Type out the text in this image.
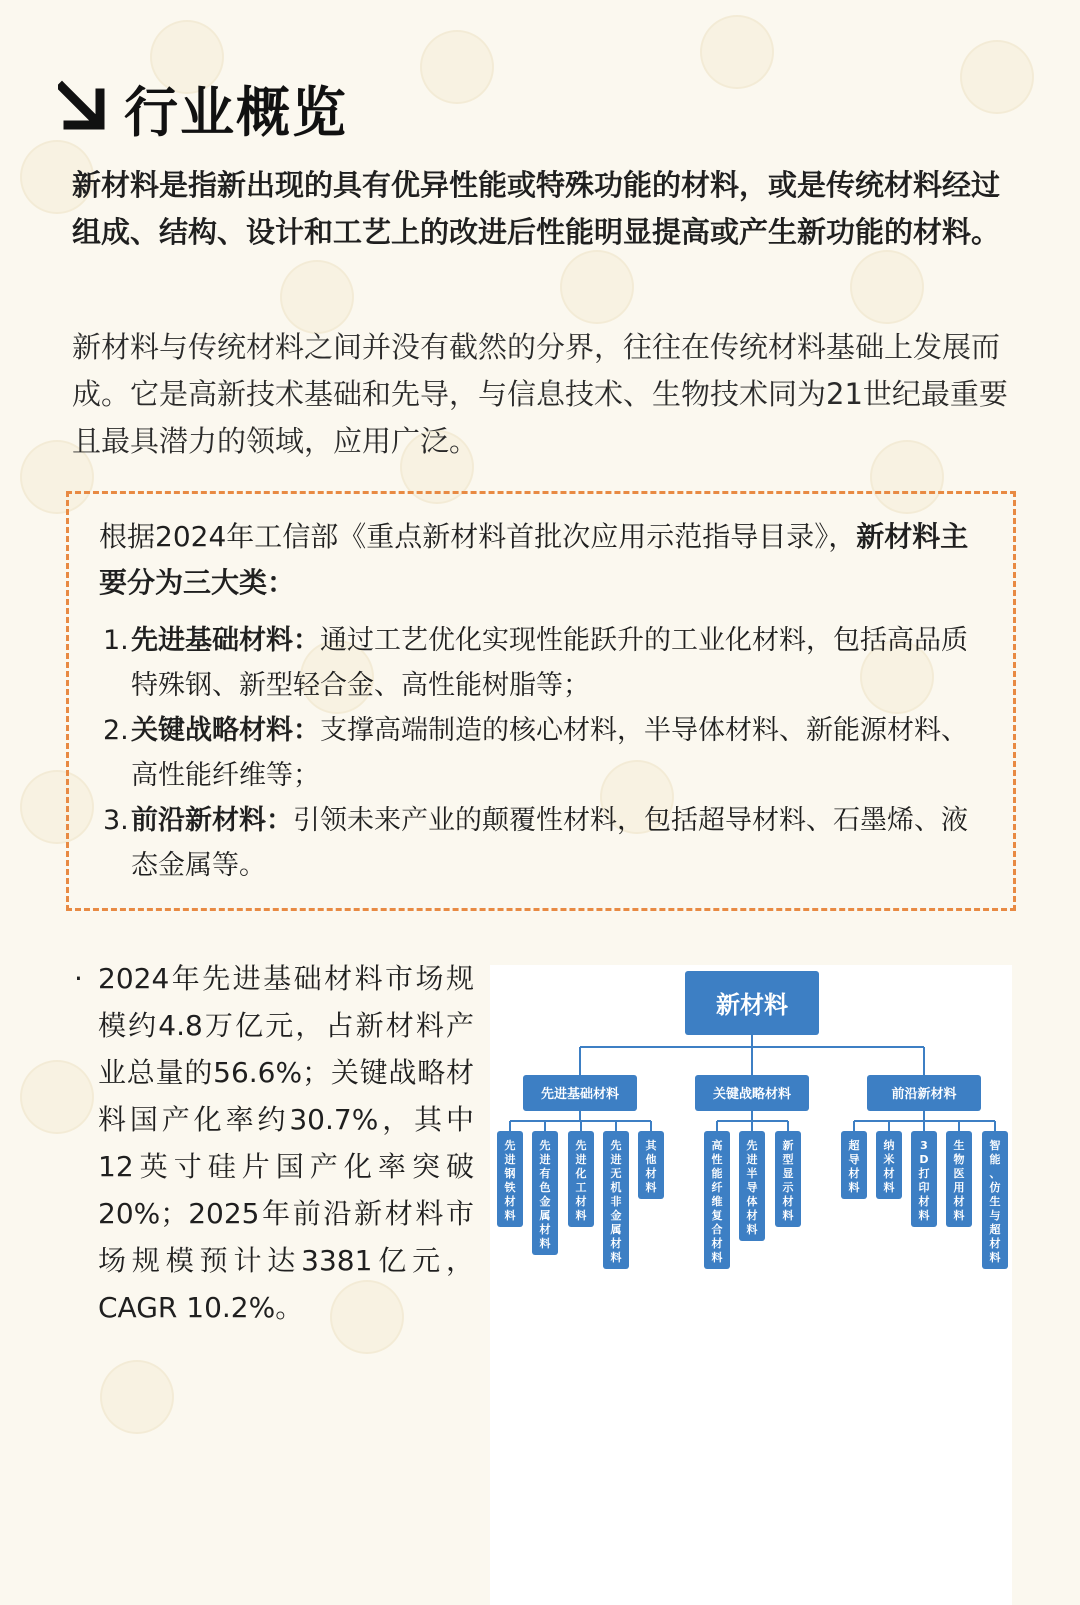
行业概览
新材料是指新出现的具有优异性能或特殊功能的材料，或是传统材料经过组成、结构、设计和工艺上的改进后性能明显提高或产生新功能的材料。
新材料与传统材料之间并没有截然的分界，往往在传统材料基础上发展而成。它是高新技术基础和先导，与信息技术、生物技术同为21世纪最重要且最具潜力的领域，应用广泛。
根据2024年工信部《重点新材料首批次应用示范指导目录》，新材料主要分为三大类：
1. 先进基础材料：通过工艺优化实现性能跃升的工业化材料，包括高品质特殊钢、新型轻合金、高性能树脂等；
2. 关键战略材料：支撑高端制造的核心材料，半导体材料、新能源材料、高性能纤维等；
3. 前沿新材料：引领未来产业的颠覆性材料，包括超导材料、石墨烯、液态金属等。
· 2024年先进基础材料市场规模约4.8万亿元，占新材料产业总量的56.6%；关键战略材料国产化率约30.7%，其中12英寸硅片国产化率突破20%；2025年前沿新材料市场规模预计达3381亿元，CAGR 10.2%。
新材料
先进基础材料
先进钢铁材料
先进有色金属材料
先进化工材料
先进无机非金属材料
其他材料
关键战略材料
高性能纤维复合材料
先进半导体材料
新型显示材料
前沿新材料
超导材料
纳米材料
3 D 打印材料
生物医用材料
智能、仿生与超材料
